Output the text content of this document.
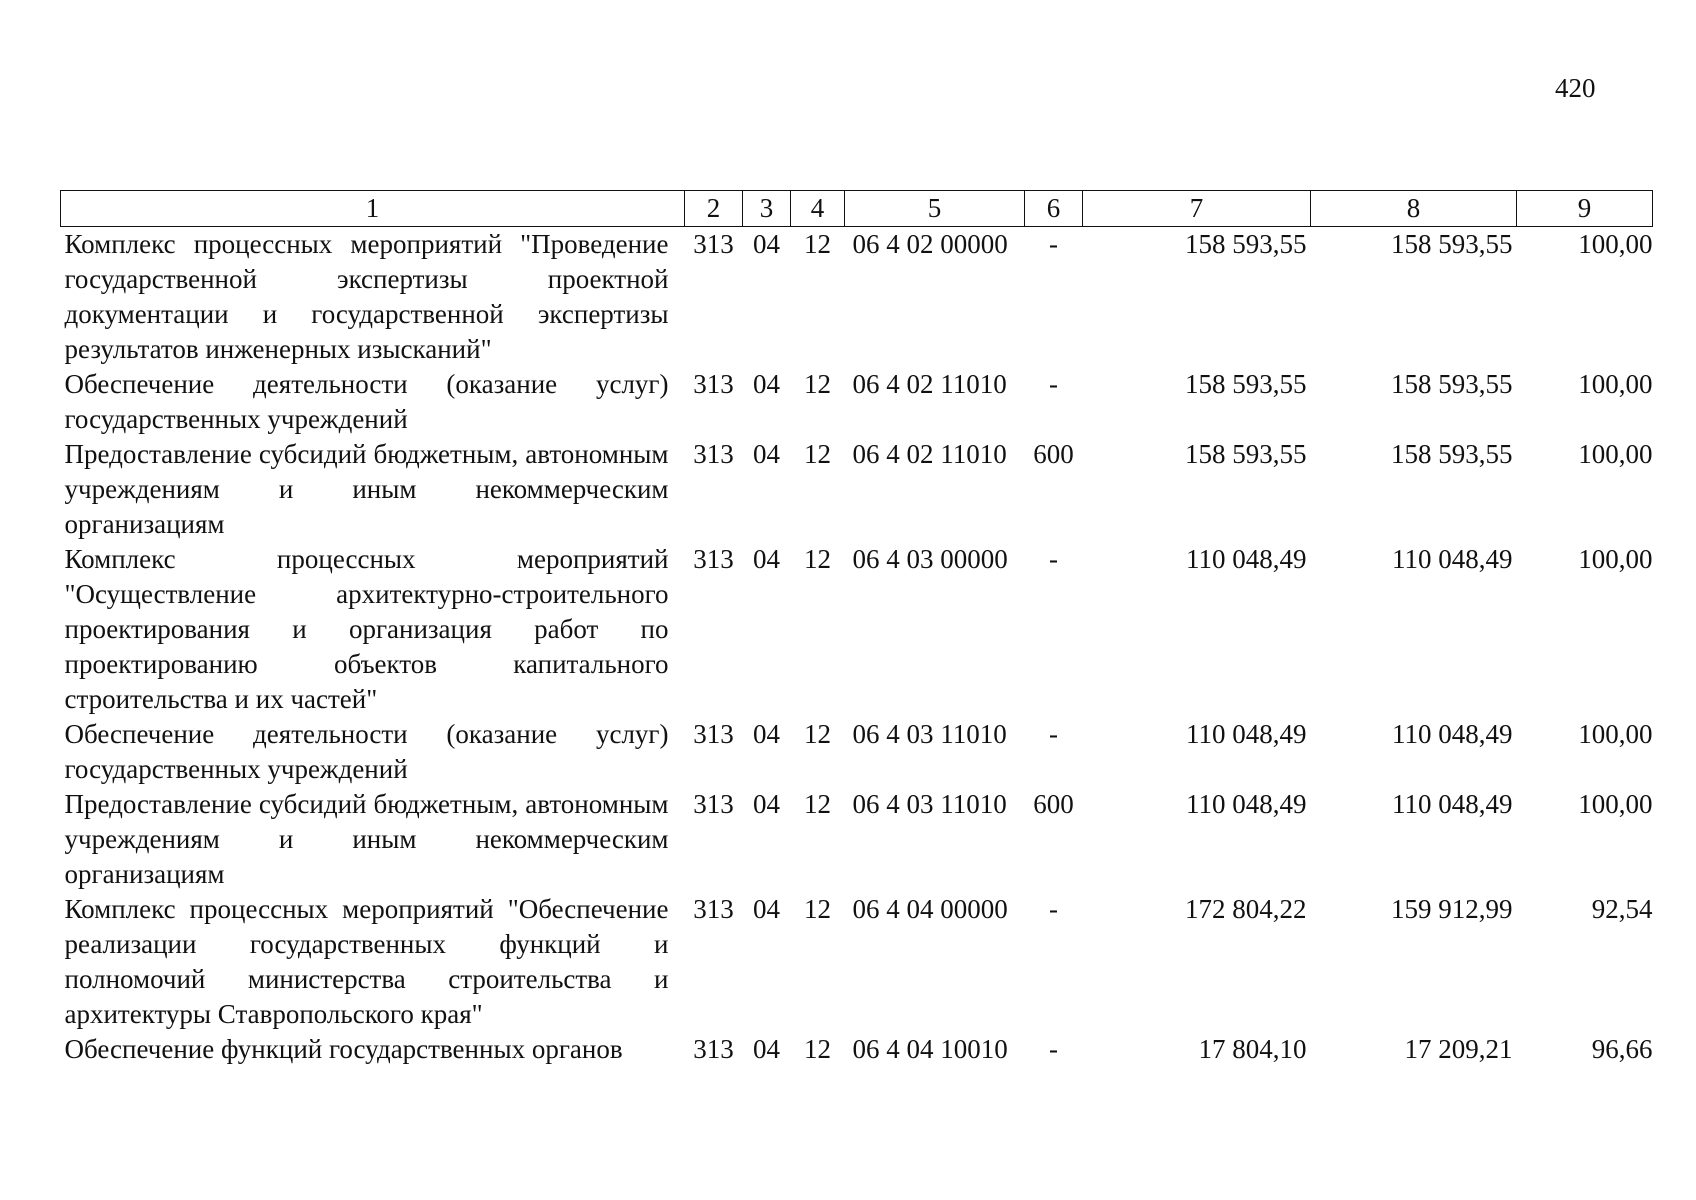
420
1	2	3	4	5	6	7	8	9
Комплекс процессных мероприятий "Проведение государственной экспертизы проектной документации и государственной экспертизы результатов инженерных изысканий"	313	04	12	06 4 02 00000	-	158 593,55	158 593,55	100,00
Обеспечение деятельности (оказание услуг) государственных учреждений	313	04	12	06 4 02 11010	-	158 593,55	158 593,55	100,00
Предоставление субсидий бюджетным, автономным учреждениям и иным некоммерческим организациям	313	04	12	06 4 02 11010	600	158 593,55	158 593,55	100,00
Комплекс процессных мероприятий "Осуществление архитектурно-строительного проектирования и организация работ по проектированию объектов капитального строительства и их частей"	313	04	12	06 4 03 00000	-	110 048,49	110 048,49	100,00
Обеспечение деятельности (оказание услуг) государственных учреждений	313	04	12	06 4 03 11010	-	110 048,49	110 048,49	100,00
Предоставление субсидий бюджетным, автономным учреждениям и иным некоммерческим организациям	313	04	12	06 4 03 11010	600	110 048,49	110 048,49	100,00
Комплекс процессных мероприятий "Обеспечение реализации государственных функций и полномочий министерства строительства и архитектуры Ставропольского края"	313	04	12	06 4 04 00000	-	172 804,22	159 912,99	92,54
Обеспечение функций государственных органов	313	04	12	06 4 04 10010	-	17 804,10	17 209,21	96,66
